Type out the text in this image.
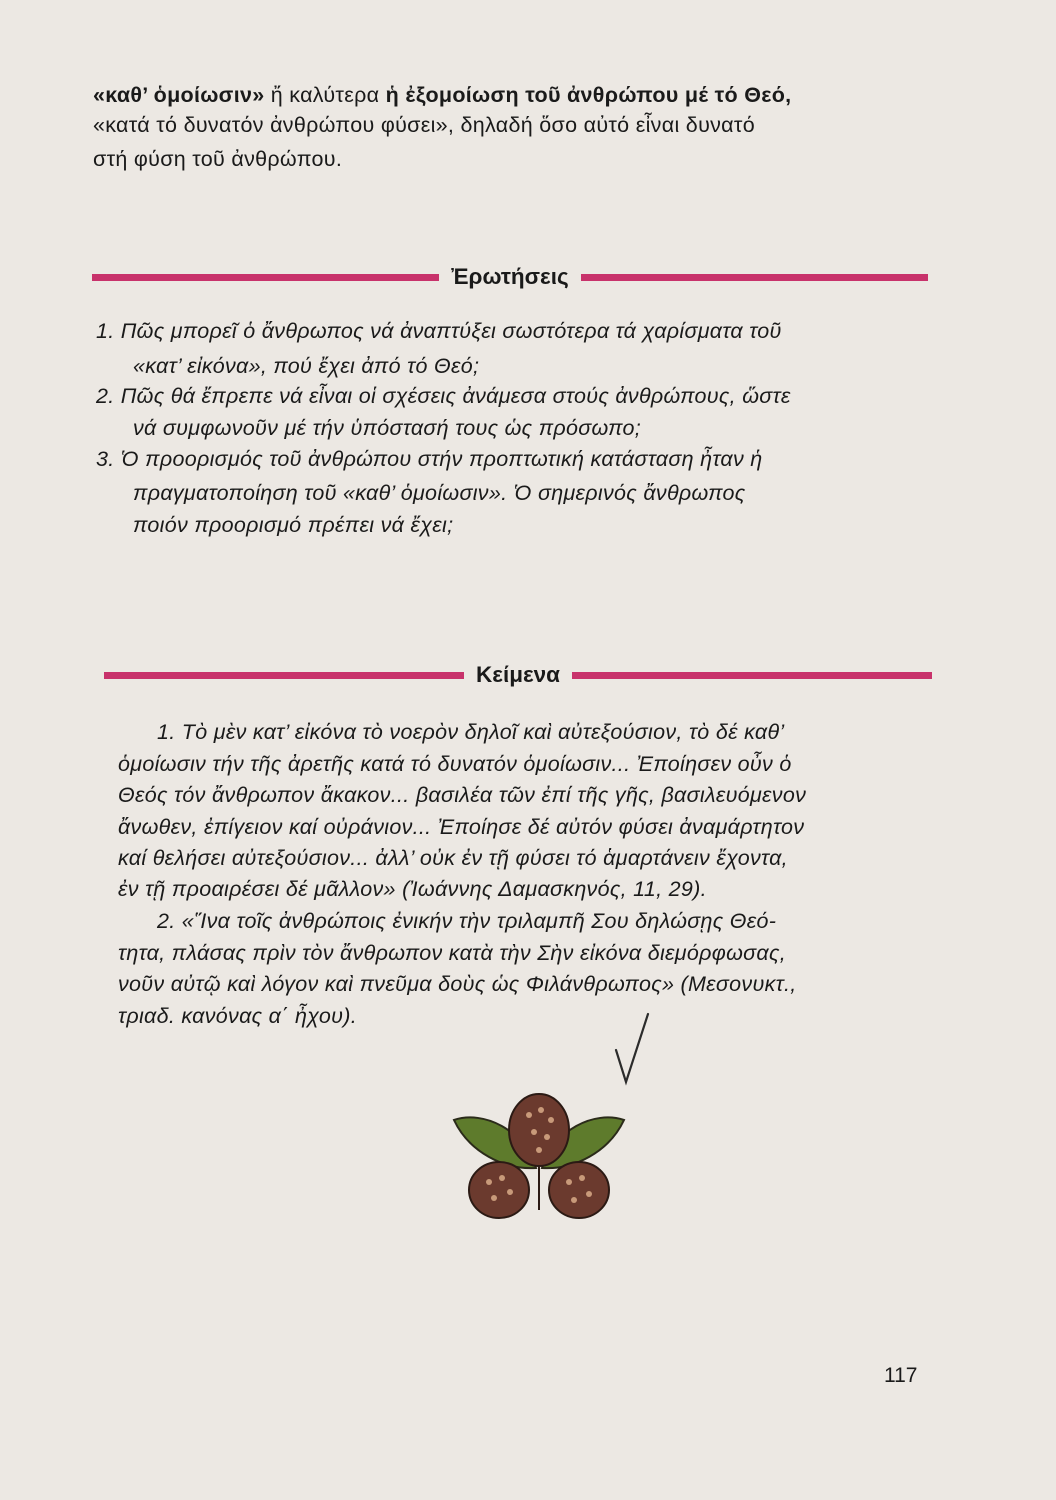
«καθ’ ὁμοίωσιν» ἤ καλύτερα ἡ ἐξομοίωση τοῦ ἀνθρώπου μέ τό Θεό,
«κατά τό δυνατόν ἀνθρώπου φύσει», δηλαδή ὅσο αὐτό εἶναι δυνατό
στή φύση τοῦ ἀνθρώπου.
Ἐρωτήσεις
1. Πῶς μπορεῖ ὁ ἄνθρωπος νά ἀναπτύξει σωστότερα τά χαρίσματα τοῦ
«κατ’ εἰκόνα», πού ἔχει ἀπό τό Θεό;
2. Πῶς θά ἔπρεπε νά εἶναι οἱ σχέσεις ἀνάμεσα στούς ἀνθρώπους, ὥστε
νά συμφωνοῦν μέ τήν ὑπόστασή τους ὡς πρόσωπο;
3. Ὁ προορισμός τοῦ ἀνθρώπου στήν προπτωτική κατάσταση ἦταν ἡ
πραγματοποίηση τοῦ «καθ’ ὁμοίωσιν». Ὁ σημερινός ἄνθρωπος
ποιόν προορισμό πρέπει νά ἔχει;
Κείμενα
1. Τὸ μὲν κατ’ εἰκόνα τὸ νοερὸν δηλοῖ καὶ αὐτεξούσιον, τὸ δέ καθ’
ὁμοίωσιν τήν τῆς ἀρετῆς κατά τό δυνατόν ὁμοίωσιν... Ἐποίησεν οὖν ὁ
Θεός τόν ἄνθρωπον ἄκακον... βασιλέα τῶν ἐπί τῆς γῆς, βασιλευόμενον
ἄνωθεν, ἐπίγειον καί οὐράνιον... Ἐποίησε δέ αὐτόν φύσει ἀναμάρτητον
καί θελήσει αὐτεξούσιον... ἀλλ’ οὐκ ἐν τῇ φύσει τό ἁμαρτάνειν ἔχοντα,
ἐν τῇ προαιρέσει δέ μᾶλλον» (Ἰωάννης Δαμασκηνός, 11, 29).
2. «Ἵνα τοῖς ἀνθρώποις ἐνικήν τὴν τριλαμπῆ Σου δηλώσῃς Θεό-
τητα, πλάσας πρὶν τὸν ἄνθρωπον κατὰ τὴν Σὴν εἰκόνα διεμόρφωσας,
νοῦν αὐτῷ καὶ λόγον καὶ πνεῦμα δοὺς ὡς Φιλάνθρωπος» (Μεσονυκτ.,
τριαδ. κανόνας α΄ ἦχου).
117
